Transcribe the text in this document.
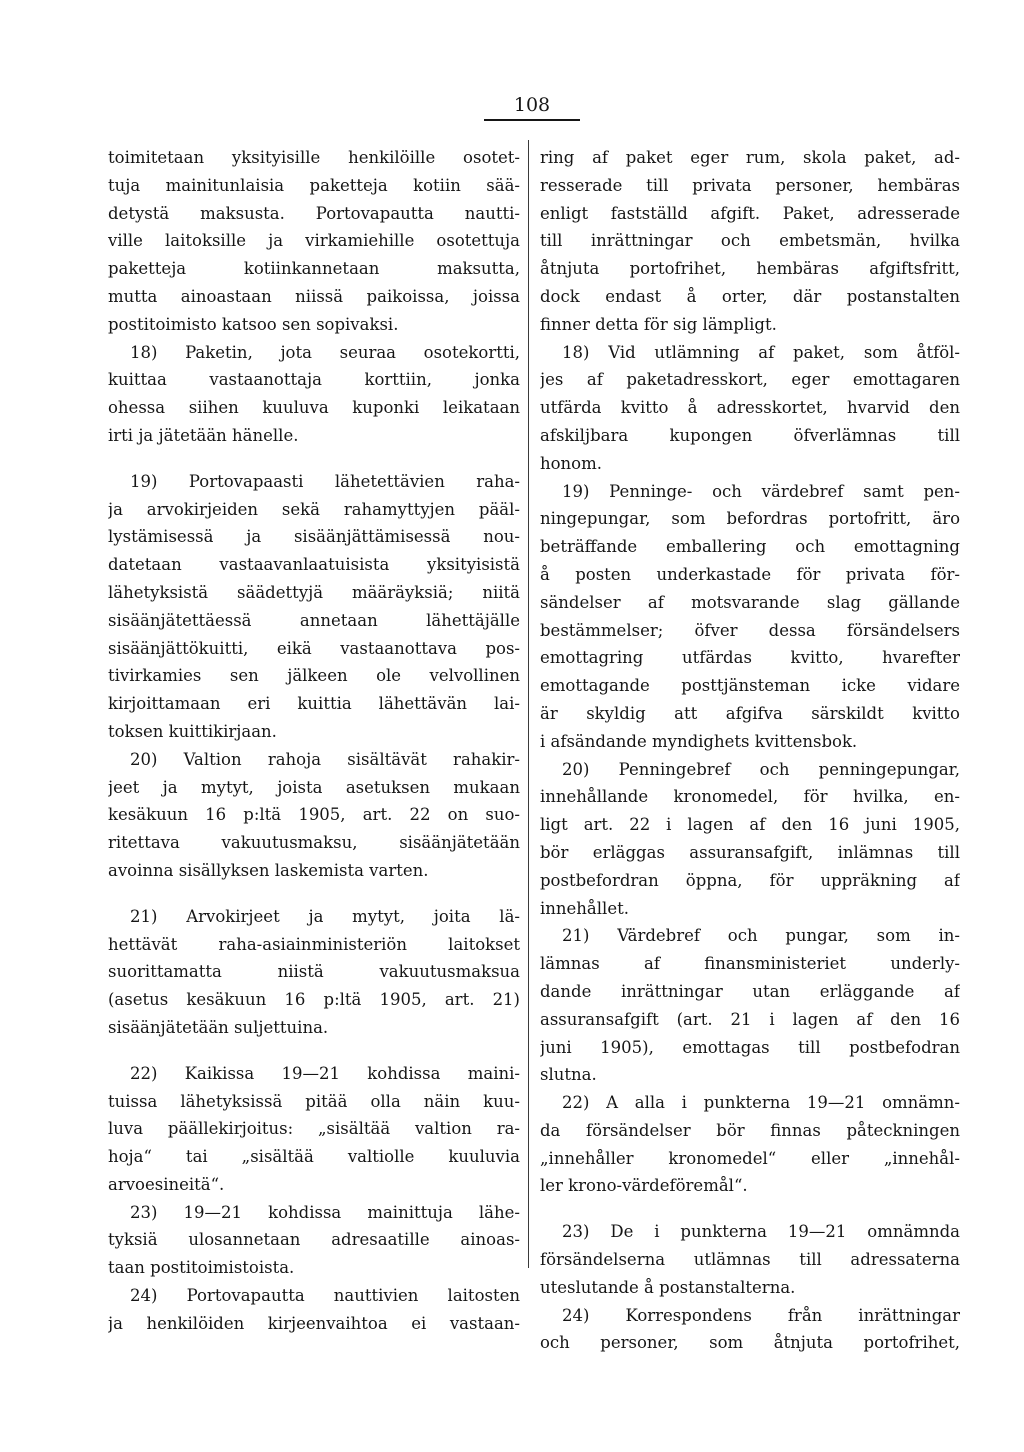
108
toimitetaan yksityisille henkilöille osotet-
tuja mainitunlaisia paketteja kotiin sää-
detystä maksusta. Portovapautta nautti-
ville laitoksille ja virkamiehille osotettuja
paketteja kotiinkannetaan maksutta,
mutta ainoastaan niissä paikoissa, joissa
postitoimisto katsoo sen sopivaksi.
18) Paketin, jota seuraa osotekortti,
kuittaa vastaanottaja korttiin, jonka
ohessa siihen kuuluva kuponki leikataan
irti ja jätetään hänelle.
19) Portovapaasti lähetettävien raha-
ja arvokirjeiden sekä rahamyttyjen pääl-
lystämisessä ja sisäänjättämisessä nou-
datetaan vastaavanlaatuisista yksityisistä
lähetyksistä säädettyjä määräyksiä; niitä
sisäänjätettäessä annetaan lähettäjälle
sisäänjättökuitti, eikä vastaanottava pos-
tivirkamies sen jälkeen ole velvollinen
kirjoittamaan eri kuittia lähettävän lai-
toksen kuittikirjaan.
20) Valtion rahoja sisältävät rahakir-
jeet ja mytyt, joista asetuksen mukaan
kesäkuun 16 p:ltä 1905, art. 22 on suo-
ritettava vakuutusmaksu, sisäänjätetään
avoinna sisällyksen laskemista varten.
21) Arvokirjeet ja mytyt, joita lä-
hettävät raha-asiainministeriön laitokset
suorittamatta niistä vakuutusmaksua
(asetus kesäkuun 16 p:ltä 1905, art. 21)
sisäänjätetään suljettuina.
22) Kaikissa 19—21 kohdissa maini-
tuissa lähetyksissä pitää olla näin kuu-
luva päällekirjoitus: „sisältää valtion ra-
hoja“ tai „sisältää valtiolle kuuluvia
arvoesineitä“.
23) 19—21 kohdissa mainittuja lähe-
tyksiä ulosannetaan adresaatille ainoas-
taan postitoimistoista.
24) Portovapautta nauttivien laitosten
ja henkilöiden kirjeenvaihtoa ei vastaan-
ring af paket eger rum, skola paket, ad-
resserade till privata personer, hembäras
enligt fastställd afgift. Paket, adresserade
till inrättningar och embetsmän, hvilka
åtnjuta portofrihet, hembäras afgiftsfritt,
dock endast å orter, där postanstalten
finner detta för sig lämpligt.
18) Vid utlämning af paket, som åtföl-
jes af paketadresskort, eger emottagaren
utfärda kvitto å adresskortet, hvarvid den
afskiljbara kupongen öfverlämnas till
honom.
19) Penninge- och värdebref samt pen-
ningepungar, som befordras portofritt, äro
beträffande emballering och emottagning
å posten underkastade för privata för-
sändelser af motsvarande slag gällande
bestämmelser; öfver dessa försändelsers
emottagring utfärdas kvitto, hvarefter
emottagande posttjänsteman icke vidare
är skyldig att afgifva särskildt kvitto
i afsändande myndighets kvittensbok.
20) Penningebref och penningepungar,
innehållande kronomedel, för hvilka, en-
ligt art. 22 i lagen af den 16 juni 1905,
bör erläggas assuransafgift, inlämnas till
postbefordran öppna, för uppräkning af
innehållet.
21) Värdebref och pungar, som in-
lämnas af finansministeriet underly-
dande inrättningar utan erläggande af
assuransafgift (art. 21 i lagen af den 16
juni 1905), emottagas till postbefodran
slutna.
22) A alla i punkterna 19—21 omnämn-
da försändelser bör finnas påteckningen
„innehåller kronomedel“ eller „innehål-
ler krono-värdeföremål“.
23) De i punkterna 19—21 omnämnda
försändelserna utlämnas till adressaterna
uteslutande å postanstalterna.
24) Korrespondens från inrättningar
och personer, som åtnjuta portofrihet,
